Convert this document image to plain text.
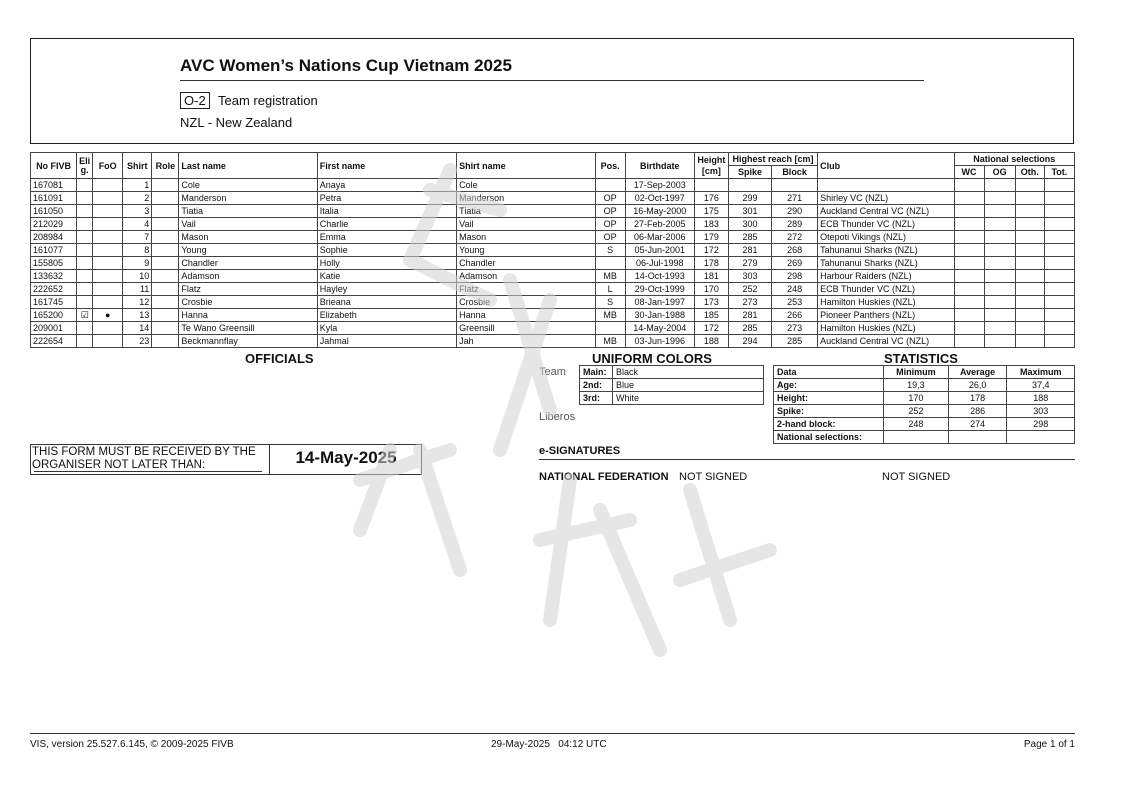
AVC Women’s Nations Cup Vietnam 2025
O-2 Team registration
NZL - New Zealand
No FIVB	Eli g.	FoO	Shirt	Role	Last name	First name	Shirt name	Pos.	Birthdate	Height [cm]	Highest reach [cm]		Club	National selections			
											Spike	Block		WC	OG	Oth.	Tot.
167081			1		Cole	Anaya	Cole		17-Sep-2003								
161091			2		Manderson	Petra	Manderson	OP	02-Oct-1997	176	299	271	Shirley VC (NZL)				
161050			3		Tiatia	Italia	Tiatia	OP	16-May-2000	175	301	290	Auckland Central VC (NZL)				
212029			4		Vail	Charlie	Vail	OP	27-Feb-2005	183	300	289	ECB Thunder VC (NZL)				
208984			7		Mason	Emma	Mason	OP	06-Mar-2006	179	285	272	Otepoti Vikings (NZL)				
161077			8		Young	Sophie	Young	S	05-Jun-2001	172	281	268	Tahunanui Sharks (NZL)				
155805			9		Chandler	Holly	Chandler		06-Jul-1998	178	279	269	Tahunanui Sharks (NZL)				
133632			10		Adamson	Katie	Adamson	MB	14-Oct-1993	181	303	298	Harbour Raiders (NZL)				
222652			11		Flatz	Hayley	Flatz	L	29-Oct-1999	170	252	248	ECB Thunder VC (NZL)				
161745			12		Crosbie	Brieana	Crosbie	S	08-Jan-1997	173	273	253	Hamilton Huskies (NZL)				
165200	☑	●	13		Hanna	Elizabeth	Hanna	MB	30-Jan-1988	185	281	266	Pioneer Panthers (NZL)				
209001			14		Te Wano Greensill	Kyla	Greensill		14-May-2004	172	285	273	Hamilton Huskies (NZL)				
222654			23		Beckmannflay	Jahmal	Jah	MB	03-Jun-1996	188	294	285	Auckland Central VC (NZL)				
OFFICIALS	UNIFORM COLORS
Team
Liberos
Main:	Black
2nd:	Blue
3rd:	White
STATISTICS
Data	Minimum	Average	Maximum
Age:	19,3	26,0	37,4
Height:	170	178	188
Spike:	252	286	303
2-hand block:	248	274	298
National selections:			
THIS FORM MUST BE RECEIVED BY THE ORGANISER NOT LATER THAN:	14-May-2025	e-SIGNATURES
NATIONAL FEDERATION NOT SIGNED	NOT SIGNED
VIS, version 25.527.6.145, © 2009-2025 FIVB	29-May-2025   04:12 UTC	Page 1 of 1
